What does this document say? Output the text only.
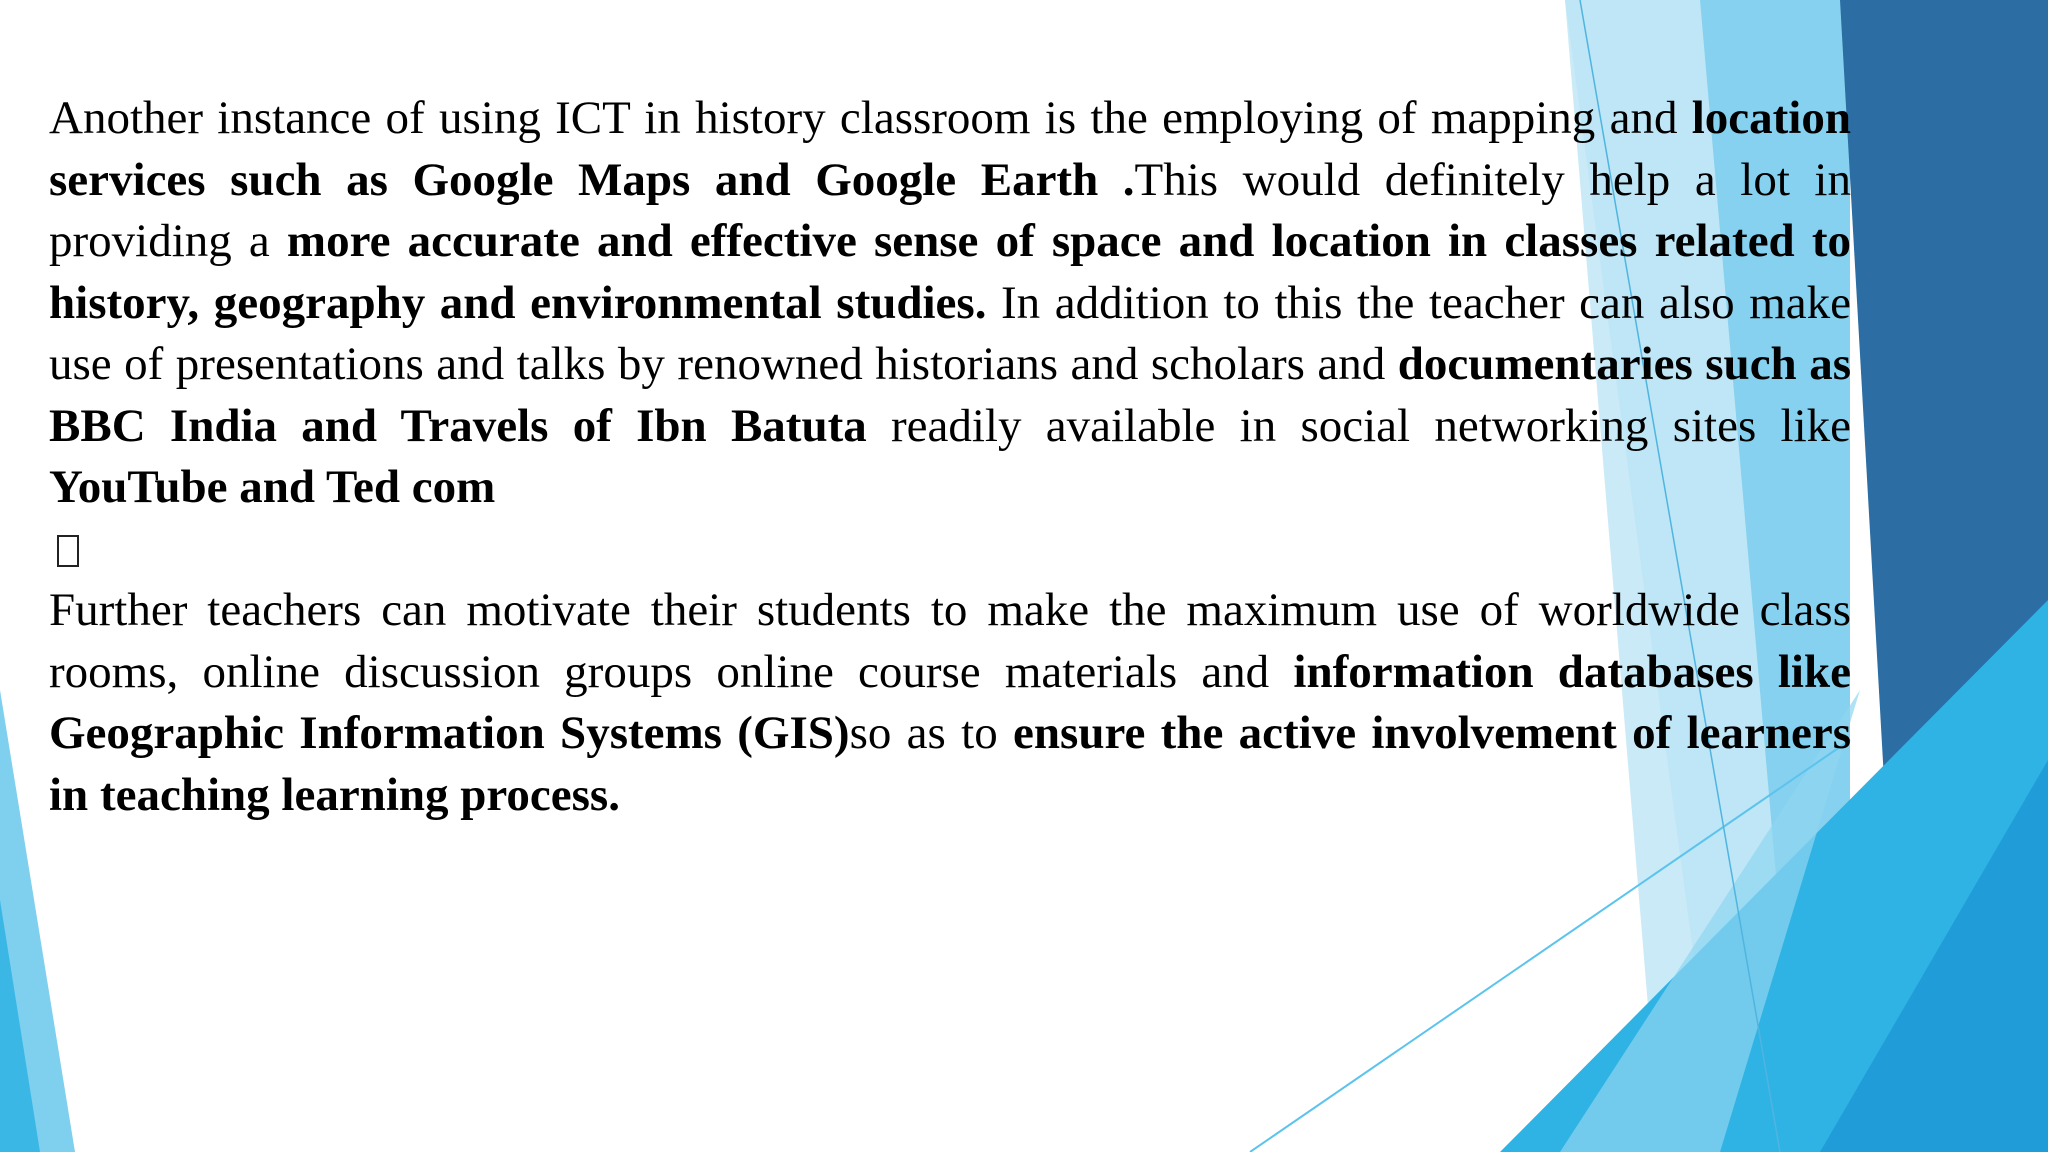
Another instance of using ICT in history classroom is the employing of mapping and location services such as Google Maps and Google Earth .This would definitely help a lot in providing a more accurate and effective sense of space and location in classes related to history, geography and environmental studies. In addition to this the teacher can also make use of presentations and talks by renowned historians and scholars and documentaries such as BBC India and Travels of Ibn Batuta readily available in social networking sites like YouTube and Ted com

Further teachers can motivate their students to make the maximum use of worldwide class rooms, online discussion groups online course materials and information databases like Geographic Information Systems (GIS)so as to ensure the active involvement of learners in teaching learning process.
